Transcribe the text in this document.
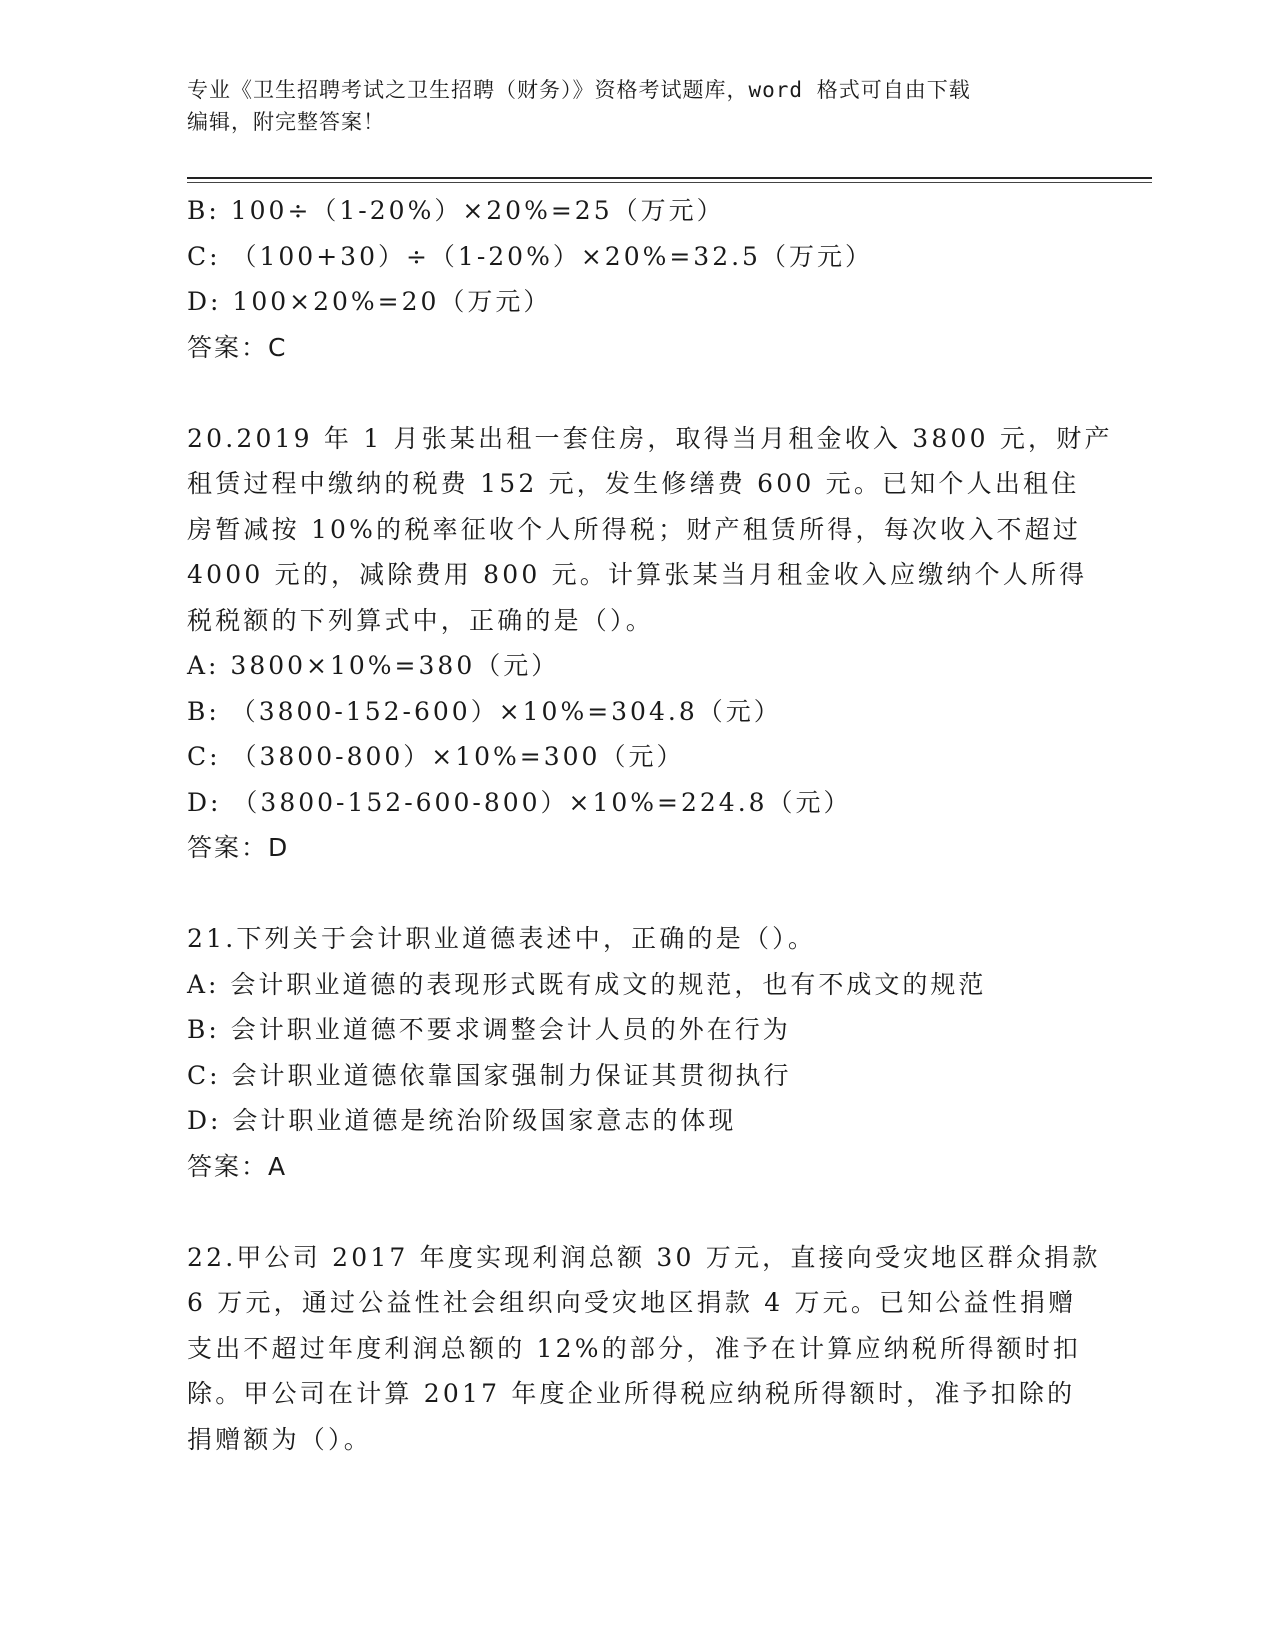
专业《卫生招聘考试之卫生招聘（财务）》资格考试题库，word 格式可自由下载
编辑，附完整答案！
B: 100÷（1-20%）×20%=25（万元）
C: （100+30）÷（1-20%）×20%=32.5（万元）
D: 100×20%=20（万元）
答案：C
20.2019 年 1 月张某出租一套住房，取得当月租金收入 3800 元，财产
租赁过程中缴纳的税费 152 元，发生修缮费 600 元。已知个人出租住
房暂减按 10%的税率征收个人所得税；财产租赁所得，每次收入不超过
4000 元的，减除费用 800 元。计算张某当月租金收入应缴纳个人所得
税税额的下列算式中，正确的是（）。
A: 3800×10%=380（元）
B: （3800-152-600）×10%=304.8（元）
C: （3800-800）×10%=300（元）
D: （3800-152-600-800）×10%=224.8（元）
答案：D
21.下列关于会计职业道德表述中，正确的是（）。
A: 会计职业道德的表现形式既有成文的规范，也有不成文的规范
B: 会计职业道德不要求调整会计人员的外在行为
C: 会计职业道德依靠国家强制力保证其贯彻执行
D: 会计职业道德是统治阶级国家意志的体现
答案：A
22.甲公司 2017 年度实现利润总额 30 万元，直接向受灾地区群众捐款
6 万元，通过公益性社会组织向受灾地区捐款 4 万元。已知公益性捐赠
支出不超过年度利润总额的 12%的部分，准予在计算应纳税所得额时扣
除。甲公司在计算 2017 年度企业所得税应纳税所得额时，准予扣除的
捐赠额为（）。
